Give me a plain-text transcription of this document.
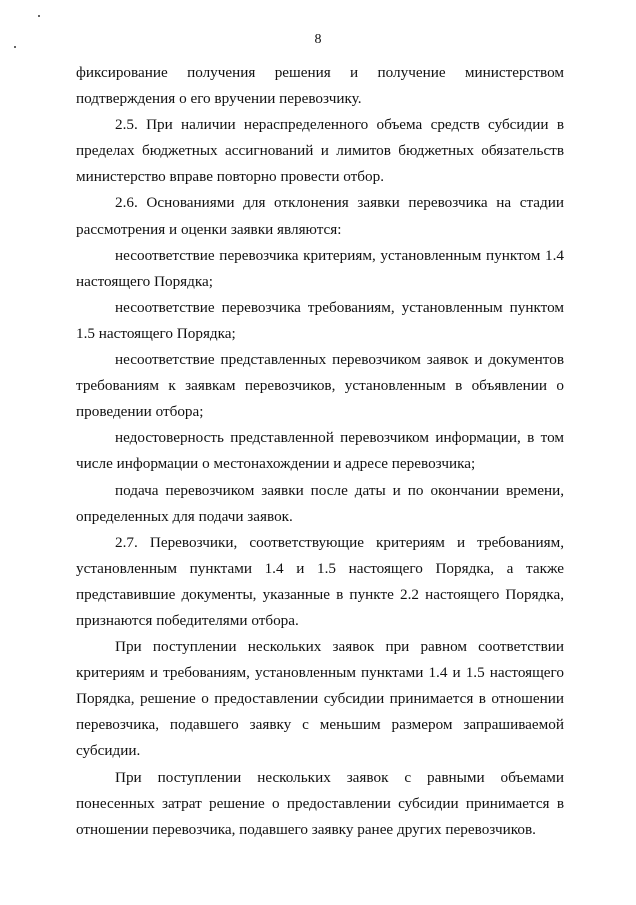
8

фиксирование получения решения и получение министерством подтверждения о его вручении перевозчику.

2.5. При наличии нераспределенного объема средств субсидии в пределах бюджетных ассигнований и лимитов бюджетных обязательств министерство вправе повторно провести отбор.

2.6. Основаниями для отклонения заявки перевозчика на стадии рассмотрения и оценки заявки являются:

несоответствие перевозчика критериям, установленным пунктом 1.4 настоящего Порядка;

несоответствие перевозчика требованиям, установленным пунктом 1.5 настоящего Порядка;

несоответствие представленных перевозчиком заявок и документов требованиям к заявкам перевозчиков, установленным в объявлении о проведении отбора;

недостоверность представленной перевозчиком информации, в том числе информации о местонахождении и адресе перевозчика;

подача перевозчиком заявки после даты и по окончании времени, определенных для подачи заявок.

2.7. Перевозчики, соответствующие критериям и требованиям, установленным пунктами 1.4 и 1.5 настоящего Порядка, а также представившие документы, указанные в пункте 2.2 настоящего Порядка, признаются победителями отбора.

При поступлении нескольких заявок при равном соответствии критериям и требованиям, установленным пунктами 1.4 и 1.5 настоящего Порядка, решение о предоставлении субсидии принимается в отношении перевозчика, подавшего заявку с меньшим размером запрашиваемой субсидии.

При поступлении нескольких заявок с равными объемами понесенных затрат решение о предоставлении субсидии принимается в отношении перевозчика, подавшего заявку ранее других перевозчиков.
